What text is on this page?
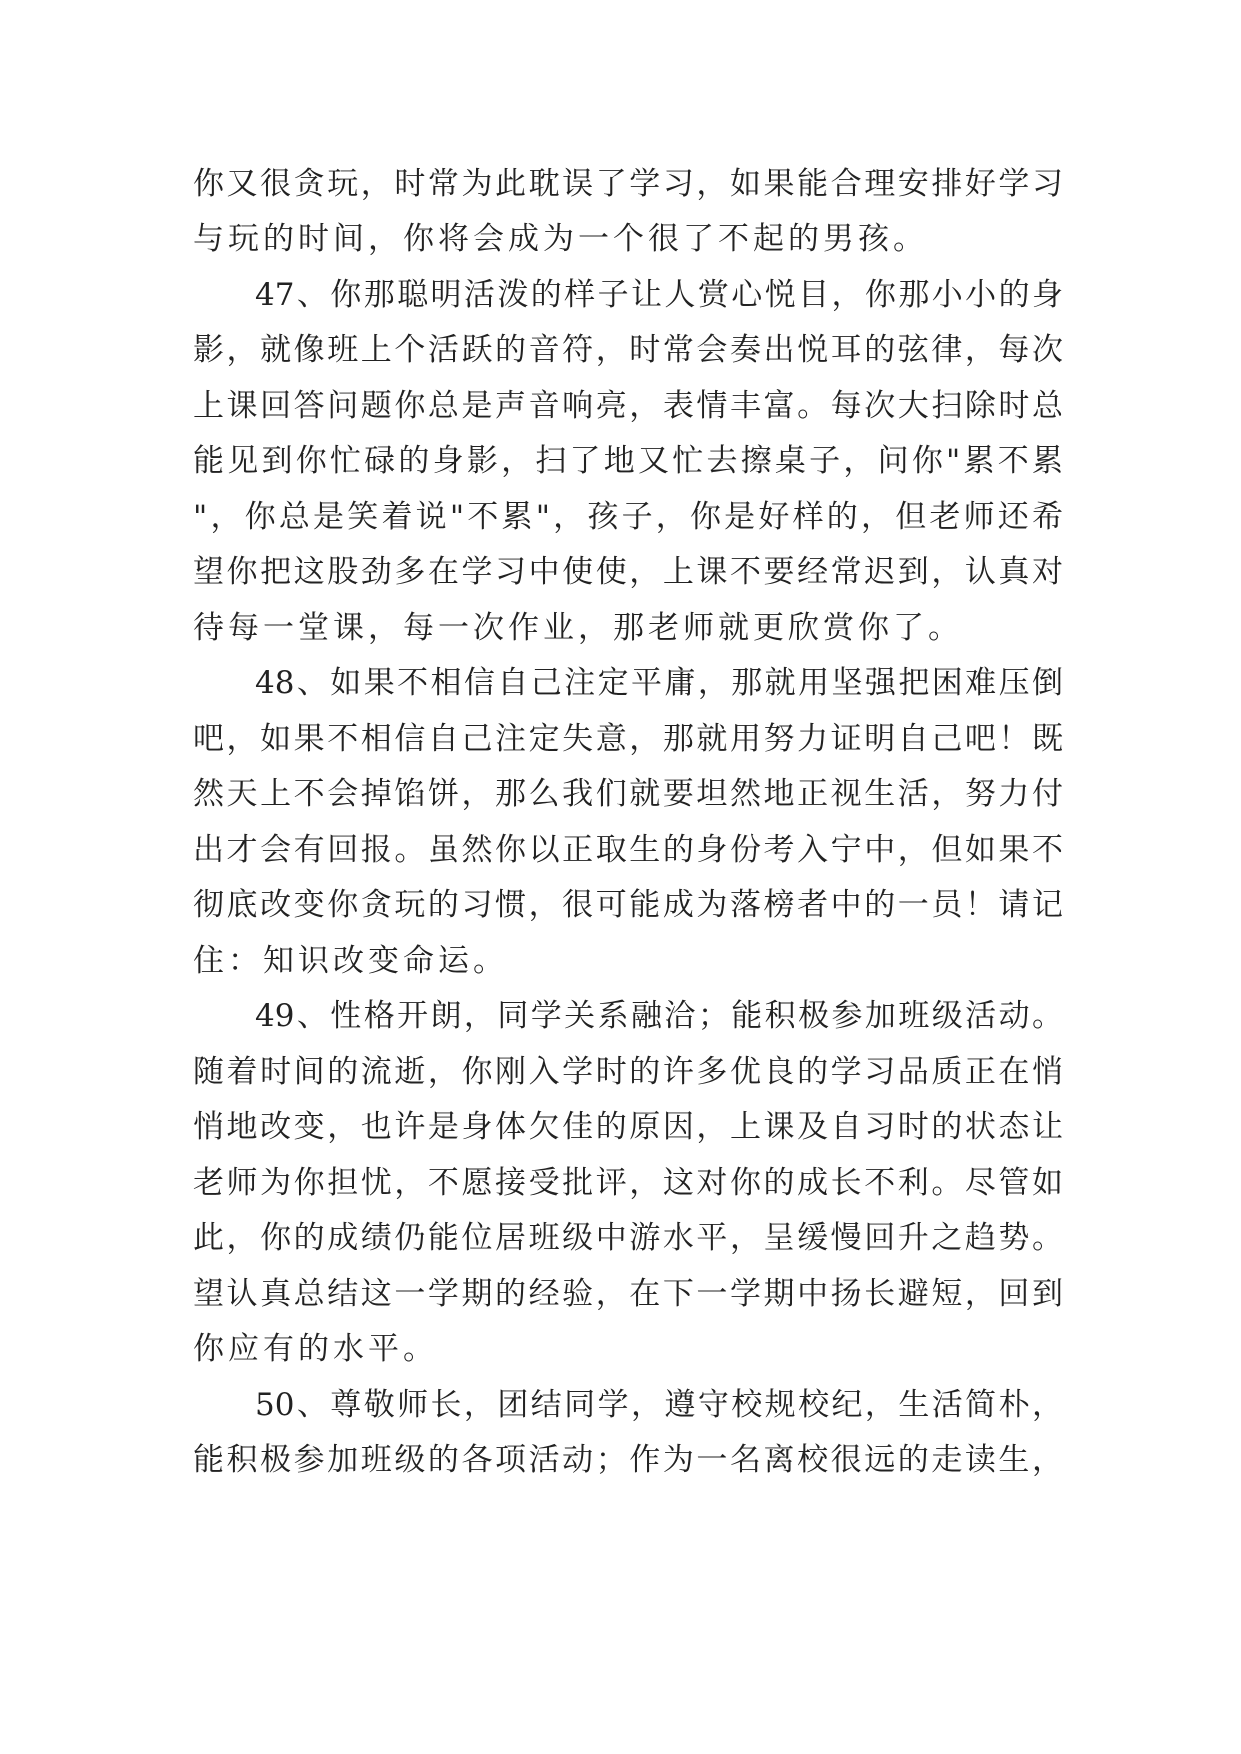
你又很贪玩，时常为此耽误了学习，如果能合理安排好学习
与玩的时间，你将会成为一个很了不起的男孩。
47、你那聪明活泼的样子让人赏心悦目，你那小小的身
影，就像班上个活跃的音符，时常会奏出悦耳的弦律，每次
上课回答问题你总是声音响亮，表情丰富。每次大扫除时总
能见到你忙碌的身影，扫了地又忙去擦桌子，问你"累不累
"，你总是笑着说"不累"，孩子，你是好样的，但老师还希
望你把这股劲多在学习中使使，上课不要经常迟到，认真对
待每一堂课，每一次作业，那老师就更欣赏你了。
48、如果不相信自己注定平庸，那就用坚强把困难压倒
吧，如果不相信自己注定失意，那就用努力证明自己吧！既
然天上不会掉馅饼，那么我们就要坦然地正视生活，努力付
出才会有回报。虽然你以正取生的身份考入宁中，但如果不
彻底改变你贪玩的习惯，很可能成为落榜者中的一员！请记
住：知识改变命运。
49、性格开朗，同学关系融洽；能积极参加班级活动。
随着时间的流逝，你刚入学时的许多优良的学习品质正在悄
悄地改变，也许是身体欠佳的原因，上课及自习时的状态让
老师为你担忧，不愿接受批评，这对你的成长不利。尽管如
此，你的成绩仍能位居班级中游水平，呈缓慢回升之趋势。
望认真总结这一学期的经验，在下一学期中扬长避短，回到
你应有的水平。
50、尊敬师长，团结同学，遵守校规校纪，生活简朴，
能积极参加班级的各项活动；作为一名离校很远的走读生，
